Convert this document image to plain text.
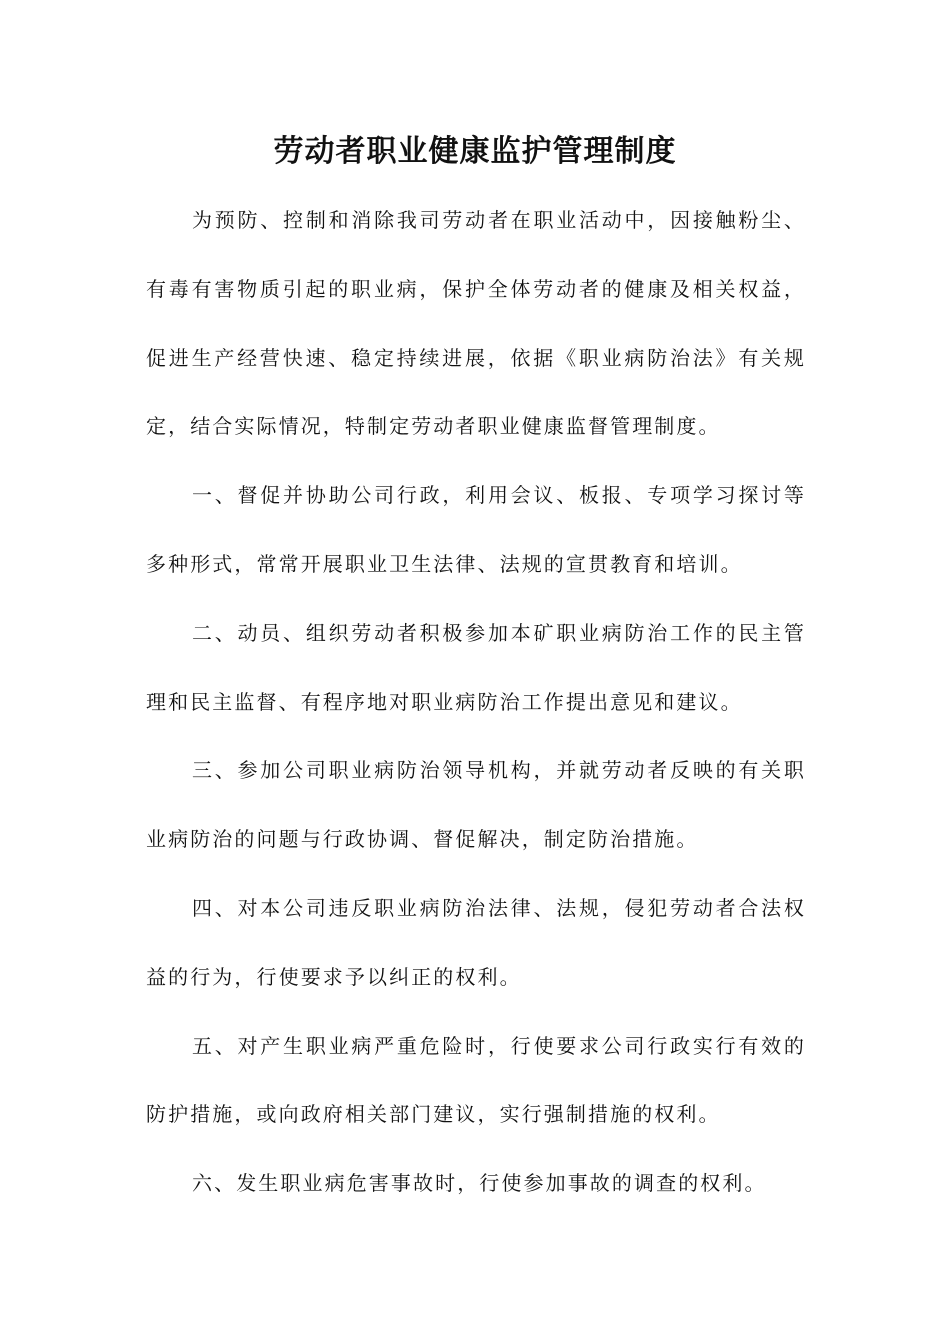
劳动者职业健康监护管理制度

为预防、控制和消除我司劳动者在职业活动中，因接触粉尘、有毒有害物质引起的职业病，保护全体劳动者的健康及相关权益，促进生产经营快速、稳定持续进展，依据《职业病防治法》有关规定，结合实际情况，特制定劳动者职业健康监督管理制度。

一、督促并协助公司行政，利用会议、板报、专项学习探讨等多种形式，常常开展职业卫生法律、法规的宣贯教育和培训。

二、动员、组织劳动者积极参加本矿职业病防治工作的民主管理和民主监督、有程序地对职业病防治工作提出意见和建议。

三、参加公司职业病防治领导机构，并就劳动者反映的有关职业病防治的问题与行政协调、督促解决，制定防治措施。

四、对本公司违反职业病防治法律、法规，侵犯劳动者合法权益的行为，行使要求予以纠正的权利。

五、对产生职业病严重危险时，行使要求公司行政实行有效的防护措施，或向政府相关部门建议，实行强制措施的权利。

六、发生职业病危害事故时，行使参加事故的调查的权利。
